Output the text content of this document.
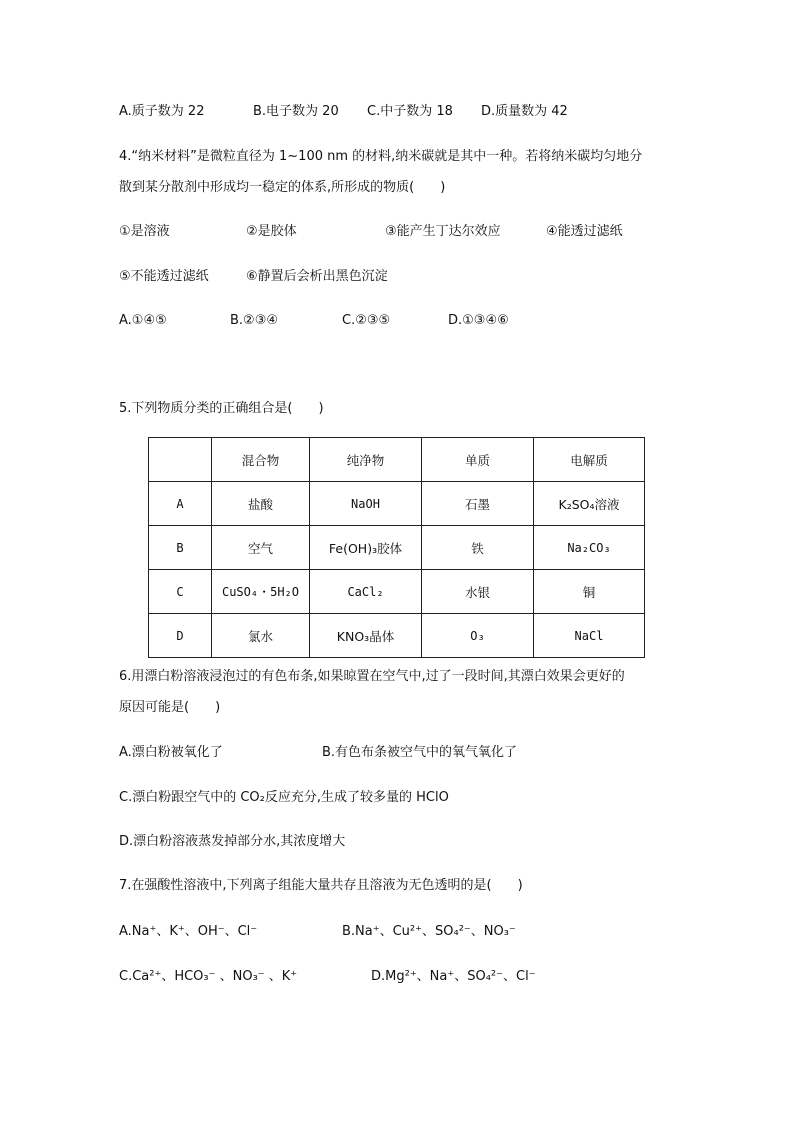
A.质子数为 22	B.电子数为 20 C.中子数为 18 D.质量数为 42
4.“纳米材料”是微粒直径为 1~100 nm 的材料,纳米碳就是其中一种。若将纳米碳均匀地分
散到某分散剂中形成均一稳定的体系,所形成的物质(　　)
①是溶液	②是胶体	③能产生丁达尔效应	④能透过滤纸
⑤不能透过滤纸	⑥静置后会析出黑色沉淀
A.①④⑤	B.②③④	C.②③⑤	D.①③④⑥
5.下列物质分类的正确组合是(　　)
	混合物	纯净物	单质	电解质
A	盐酸	NaOH	石墨	K₂SO₄溶液
B	空气	Fe(OH)₃胶体	铁	Na₂CO₃
C	CuSO₄・5H₂O	CaCl₂	水银	铜
D	氯水	KNO₃晶体	O₃	NaCl
6.用漂白粉溶液浸泡过的有色布条,如果晾置在空气中,过了一段时间,其漂白效果会更好的
原因可能是(　　)
A.漂白粉被氧化了	B.有色布条被空气中的氧气氧化了
C.漂白粉跟空气中的 CO₂反应充分,生成了较多量的 HClO
D.漂白粉溶液蒸发掉部分水,其浓度增大
7.在强酸性溶液中,下列离子组能大量共存且溶液为无色透明的是(　　)
A.Na⁺、K⁺、OH⁻、Cl⁻	B.Na⁺、Cu²⁺、SO₄²⁻、NO₃⁻
C.Ca²⁺、HCO₃⁻ 、NO₃⁻ 、K⁺	D.Mg²⁺、Na⁺、SO₄²⁻、Cl⁻
